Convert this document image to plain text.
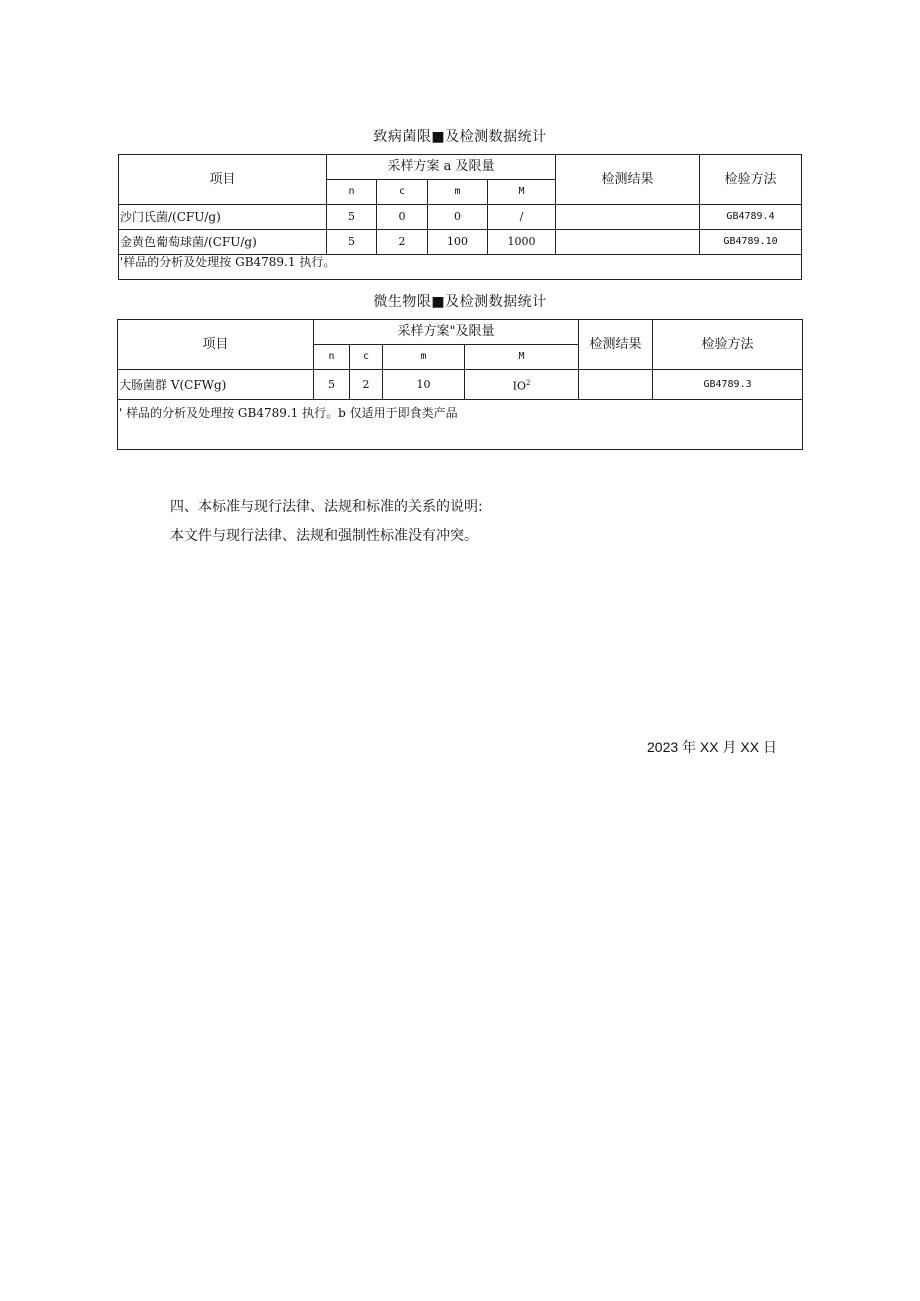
致病菌限■及检测数据统计
项目	采样方案 a 及限量				检测结果	检验方法
	n	c	m	M		
沙门氏菌/(CFU/g)	5	0	0	/		GB4789.4
金黄色葡萄球菌/(CFU/g)	5	2	100	1000		GB4789.10
'样品的分析及处理按 GB4789.1 执行。						
微生物限■及检测数据统计
项目	采样方案"及限量				检测结果	检验方法
	n	c	m	M		
大肠菌群 V(CFWg)	5	2	10	$IO^2$		GB4789.3
' 样品的分析及处理按 GB4789.1 执行。b 仅适用于即食类产品						
四、本标准与现行法律、法规和标准的关系的说明:
本文件与现行法律、法规和强制性标准没有冲突。
2023 年 XX 月 XX 日
